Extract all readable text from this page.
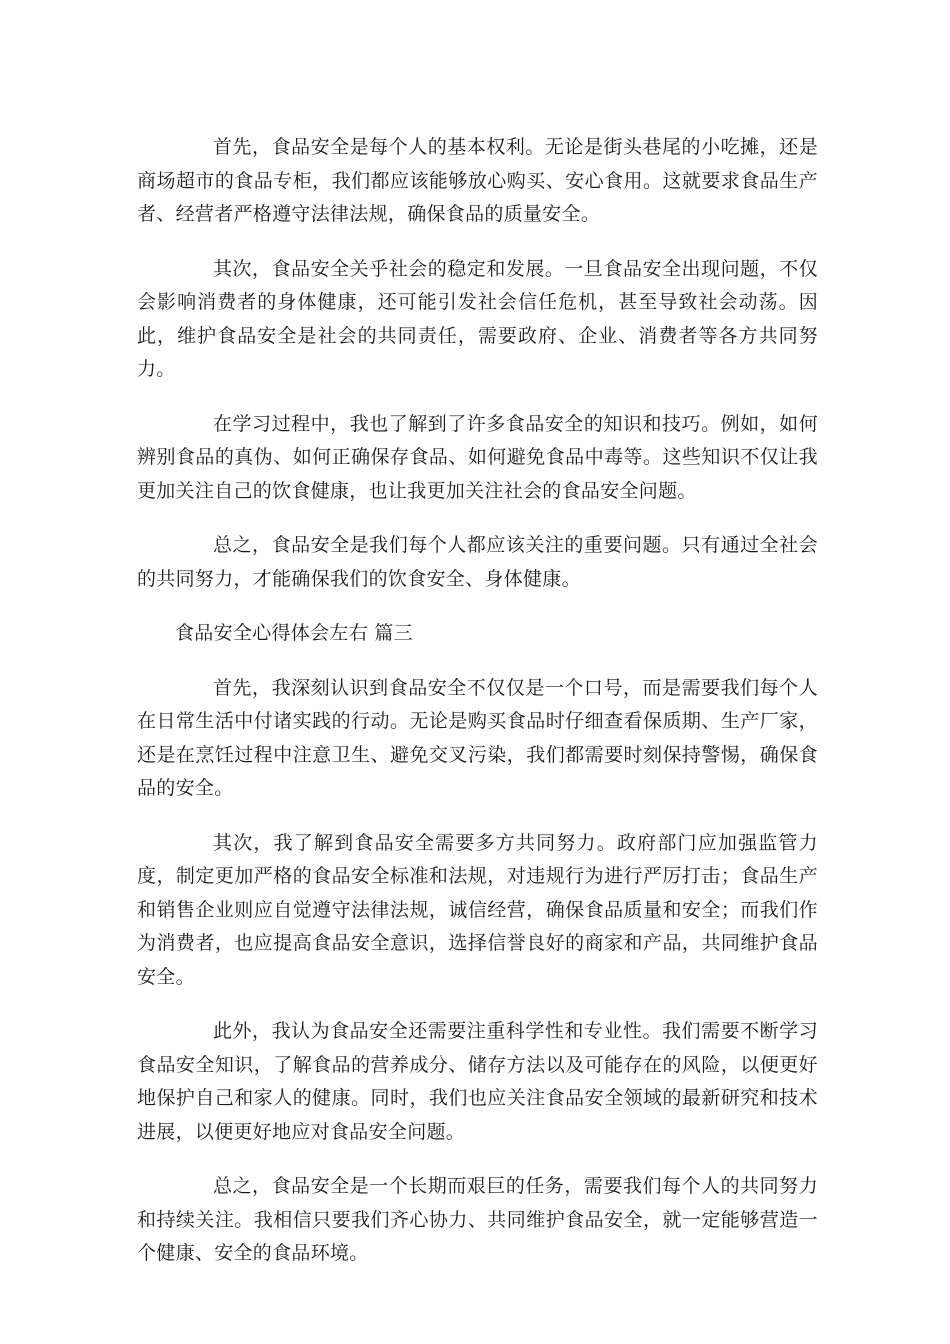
首先，食品安全是每个人的基本权利。无论是街头巷尾的小吃摊，还是商场超市的食品专柜，我们都应该能够放心购买、安心食用。这就要求食品生产者、经营者严格遵守法律法规，确保食品的质量安全。

其次，食品安全关乎社会的稳定和发展。一旦食品安全出现问题，不仅会影响消费者的身体健康，还可能引发社会信任危机，甚至导致社会动荡。因此，维护食品安全是社会的共同责任，需要政府、企业、消费者等各方共同努力。

在学习过程中，我也了解到了许多食品安全的知识和技巧。例如，如何辨别食品的真伪、如何正确保存食品、如何避免食品中毒等。这些知识不仅让我更加关注自己的饮食健康，也让我更加关注社会的食品安全问题。

总之，食品安全是我们每个人都应该关注的重要问题。只有通过全社会的共同努力，才能确保我们的饮食安全、身体健康。

食品安全心得体会左右 篇三

首先，我深刻认识到食品安全不仅仅是一个口号，而是需要我们每个人在日常生活中付诸实践的行动。无论是购买食品时仔细查看保质期、生产厂家，还是在烹饪过程中注意卫生、避免交叉污染，我们都需要时刻保持警惕，确保食品的安全。

其次，我了解到食品安全需要多方共同努力。政府部门应加强监管力度，制定更加严格的食品安全标准和法规，对违规行为进行严厉打击；食品生产和销售企业则应自觉遵守法律法规，诚信经营，确保食品质量和安全；而我们作为消费者，也应提高食品安全意识，选择信誉良好的商家和产品，共同维护食品安全。

此外，我认为食品安全还需要注重科学性和专业性。我们需要不断学习食品安全知识，了解食品的营养成分、储存方法以及可能存在的风险，以便更好地保护自己和家人的健康。同时，我们也应关注食品安全领域的最新研究和技术进展，以便更好地应对食品安全问题。

总之，食品安全是一个长期而艰巨的任务，需要我们每个人的共同努力和持续关注。我相信只要我们齐心协力、共同维护食品安全，就一定能够营造一个健康、安全的食品环境。
